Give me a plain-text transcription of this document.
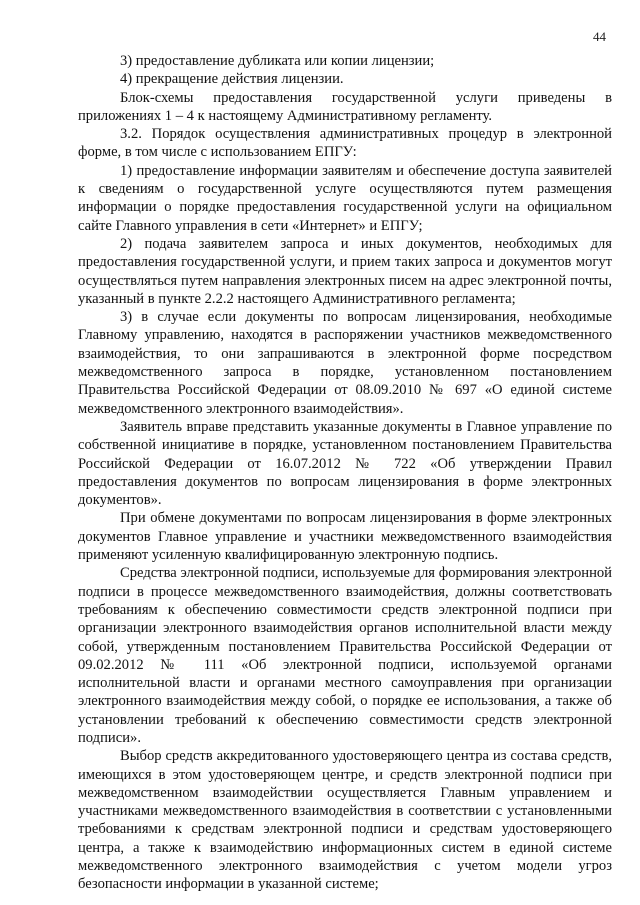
44

3) предоставление дубликата или копии лицензии;

4) прекращение действия лицензии.

Блок-схемы предоставления государственной услуги приведены в приложениях 1 – 4 к настоящему Административному регламенту.

3.2. Порядок осуществления административных процедур в электронной форме, в том числе с использованием ЕПГУ:

1) предоставление информации заявителям и обеспечение доступа заявителей к сведениям о государственной услуге осуществляются путем размещения информации о порядке предоставления государственной услуги на официальном сайте Главного управления в сети «Интернет» и ЕПГУ;

2) подача заявителем запроса и иных документов, необходимых для предоставления государственной услуги, и прием таких запроса и документов могут осуществляться путем направления электронных писем на адрес электронной почты, указанный в пункте 2.2.2 настоящего Административного регламента;

3) в случае если документы по вопросам лицензирования, необходимые Главному управлению, находятся в распоряжении участников межведомственного взаимодействия, то они запрашиваются в электронной форме посредством межведомственного запроса в порядке, установленном постановлением Правительства Российской Федерации от 08.09.2010 № 697 «О единой системе межведомственного электронного взаимодействия».

Заявитель вправе представить указанные документы в Главное управление по собственной инициативе в порядке, установленном постановлением Правительства Российской Федерации от 16.07.2012 № 722 «Об утверждении Правил предоставления документов по вопросам лицензирования в форме электронных документов».

При обмене документами по вопросам лицензирования в форме электронных документов Главное управление и участники межведомственного взаимодействия применяют усиленную квалифицированную электронную подпись.

Средства электронной подписи, используемые для формирования электронной подписи в процессе межведомственного взаимодействия, должны соответствовать требованиям к обеспечению совместимости средств электронной подписи при организации электронного взаимодействия органов исполнительной власти между собой, утвержденным постановлением Правительства Российской Федерации от 09.02.2012 № 111 «Об электронной подписи, используемой органами исполнительной власти и органами местного самоуправления при организации электронного взаимодействия между собой, о порядке ее использования, а также об установлении требований к обеспечению совместимости средств электронной подписи».

Выбор средств аккредитованного удостоверяющего центра из состава средств, имеющихся в этом удостоверяющем центре, и средств электронной подписи при межведомственном взаимодействии осуществляется Главным управлением и участниками межведомственного взаимодействия в соответствии с установленными требованиями к средствам электронной подписи и средствам удостоверяющего центра, а также к взаимодействию информационных систем в единой системе межведомственного электронного взаимодействия с учетом модели угроз безопасности информации в указанной системе;
